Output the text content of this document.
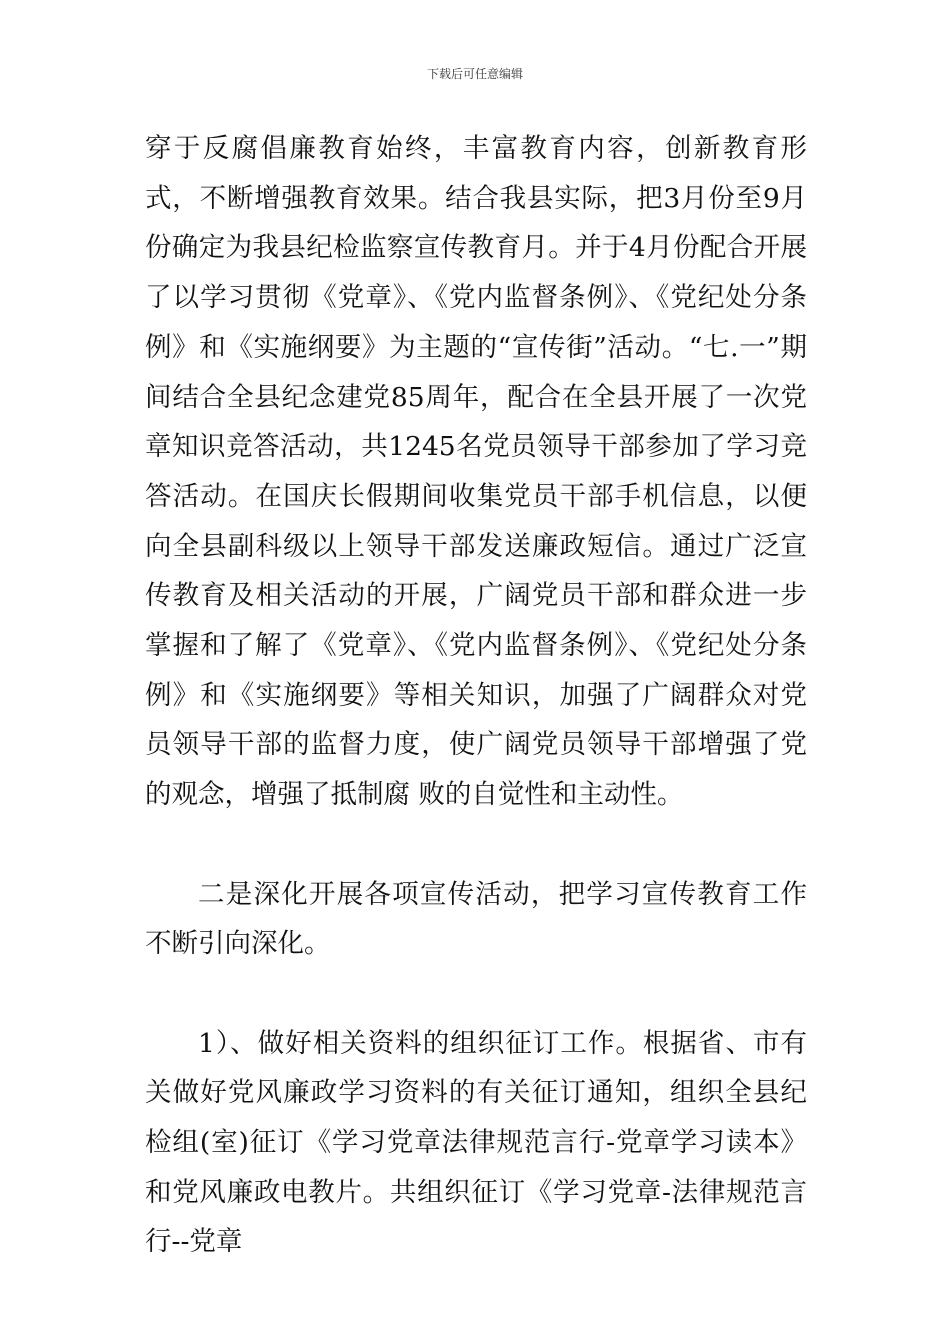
下载后可任意编辑

穿于反腐倡廉教育始终，丰富教育内容，创新教育形式，不断增强教育效果。结合我县实际，把3月份至9月份确定为我县纪检监察宣传教育月。并于4月份配合开展了以学习贯彻《党章》、《党内监督条例》、《党纪处分条例》和《实施纲要》为主题的“宣传街”活动。“七.一”期间结合全县纪念建党85周年，配合在全县开展了一次党章知识竞答活动，共1245名党员领导干部参加了学习竞答活动。在国庆长假期间收集党员干部手机信息，以便向全县副科级以上领导干部发送廉政短信。通过广泛宣传教育及相关活动的开展，广阔党员干部和群众进一步掌握和了解了《党章》、《党内监督条例》、《党纪处分条例》和《实施纲要》等相关知识，加强了广阔群众对党员领导干部的监督力度，使广阔党员领导干部增强了党的观念，增强了抵制腐 败的自觉性和主动性。

二是深化开展各项宣传活动，把学习宣传教育工作不断引向深化。

1）、做好相关资料的组织征订工作。根据省、市有关做好党风廉政学习资料的有关征订通知，组织全县纪检组(室)征订《学习党章法律规范言行-党章学习读本》和党风廉政电教片。共组织征订《学习党章-法律规范言行--党章
